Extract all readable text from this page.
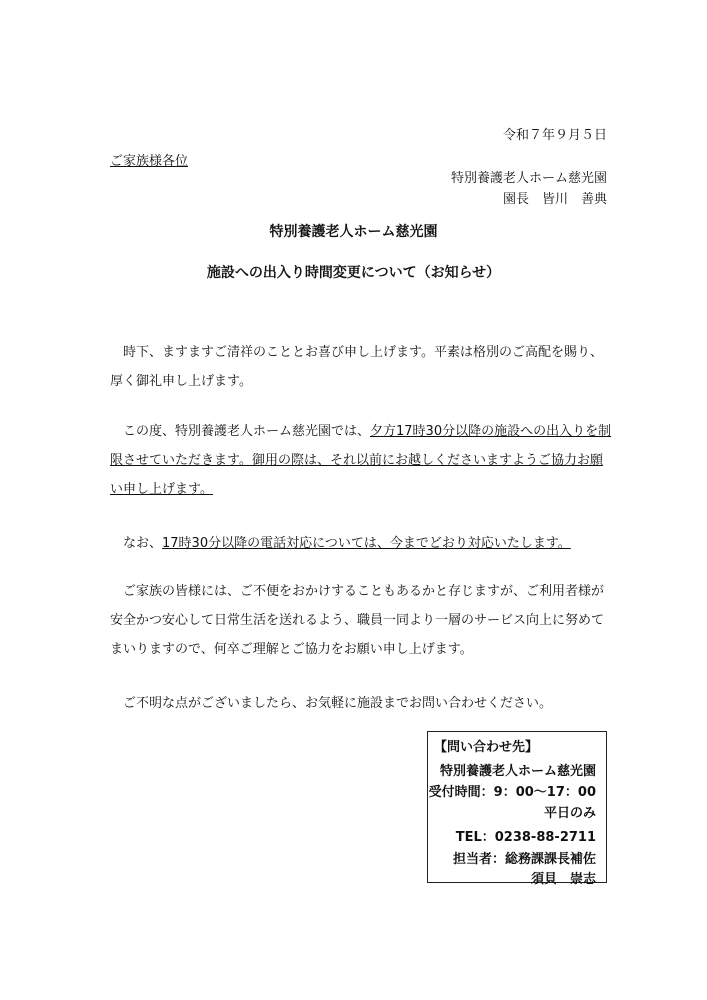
令和７年９月５日
ご家族様各位
特別養護老人ホーム慈光園
園長　皆川　善典
特別養護老人ホーム慈光園
施設への出入り時間変更について（お知らせ）

時下、ますますご清祥のこととお喜び申し上げます。平素は格別のご高配を賜り、厚く御礼申し上げます。

この度、特別養護老人ホーム慈光園では、夕方17時30分以降の施設への出入りを制限させていただきます。御用の際は、それ以前にお越しくださいますようご協力お願い申し上げます。

なお、17時30分以降の電話対応については、今までどおり対応いたします。

ご家族の皆様には、ご不便をおかけすることもあるかと存じますが、ご利用者様が安全かつ安心して日常生活を送れるよう、職員一同より一層のサービス向上に努めてまいりますので、何卒ご理解とご協力をお願い申し上げます。

ご不明な点がございましたら、お気軽に施設までお問い合わせください。

【問い合わせ先】
特別養護老人ホーム慈光園
受付時間：9：00～17：00
平日のみ
TEL：0238-88-2711
担当者：総務課課長補佐
須貝　崇志
